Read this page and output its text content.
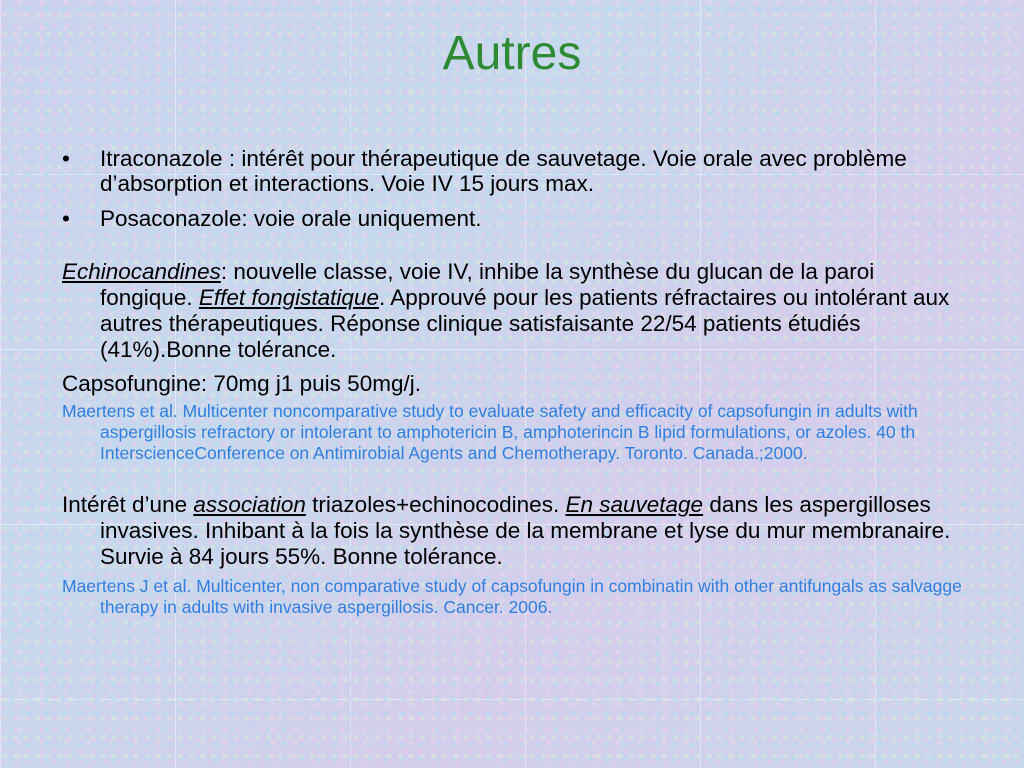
Autres
• Itraconazole : intérêt pour thérapeutique de sauvetage. Voie orale avec problème d’absorption et interactions. Voie IV 15 jours max.
• Posaconazole: voie orale uniquement.

Echinocandines: nouvelle classe, voie IV, inhibe la synthèse du glucan de la paroi fongique. Effet fongistatique. Approuvé pour les patients réfractaires ou intolérant aux autres thérapeutiques. Réponse clinique satisfaisante 22/54 patients étudiés (41%).Bonne tolérance.

Capsofungine: 70mg j1 puis 50mg/j.

Maertens et al. Multicenter noncomparative study to evaluate safety and efficacity of capsofungin in adults with aspergillosis refractory or intolerant to amphotericin B, amphoterincin B lipid formulations, or azoles. 40 th InterscienceConference on Antimirobial Agents and Chemotherapy. Toronto. Canada.;2000.

Intérêt d’une association triazoles+echinocodines. En sauvetage dans les aspergilloses invasives. Inhibant à la fois la synthèse de la membrane et lyse du mur membranaire. Survie à 84 jours 55%. Bonne tolérance.

Maertens J et al. Multicenter, non comparative study of capsofungin in combinatin with other antifungals as salvagge therapy in adults with invasive aspergillosis. Cancer. 2006.
